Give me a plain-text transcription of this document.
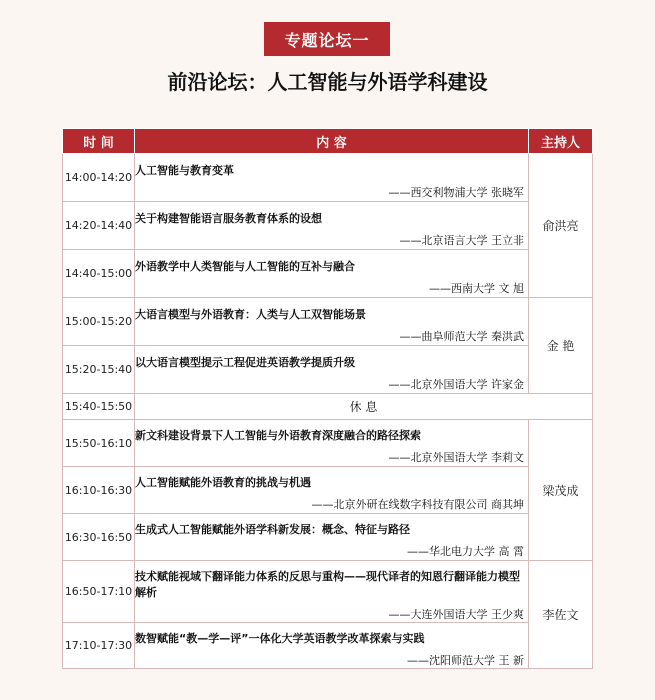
专题论坛一
前沿论坛：人工智能与外语学科建设
时 间	内 容	主持人
14:00-14:20	人工智能与教育变革
——西交利物浦大学 张晓军	俞洪亮
14:20-14:40	关于构建智能语言服务教育体系的设想
——北京语言大学 王立非	

14:40-15:00	外语教学中人类智能与人工智能的互补与融合
——西南大学 文 旭	

15:00-15:20	大语言模型与外语教育：人类与人工双智能场景
——曲阜师范大学 秦洪武	金 艳
15:20-15:40	以大语言模型提示工程促进英语教学提质升级
——北京外国语大学 许家金	

15:40-15:50	休 息	
15:50-16:10	新文科建设背景下人工智能与外语教育深度融合的路径探索
——北京外国语大学 李莉文	梁茂成
16:10-16:30	人工智能赋能外语教育的挑战与机遇
——北京外研在线数字科技有限公司 商其坤	

16:30-16:50	生成式人工智能赋能外语学科新发展：概念、特征与路径
——华北电力大学 高 霄	

16:50-17:10	技术赋能视域下翻译能力体系的反思与重构——现代译者的知恩行翻译能力模型解析
——大连外国语大学 王少爽	李佐文
17:10-17:30	数智赋能“教—学—评”一体化大学英语教学改革探索与实践
——沈阳师范大学 王 新	
